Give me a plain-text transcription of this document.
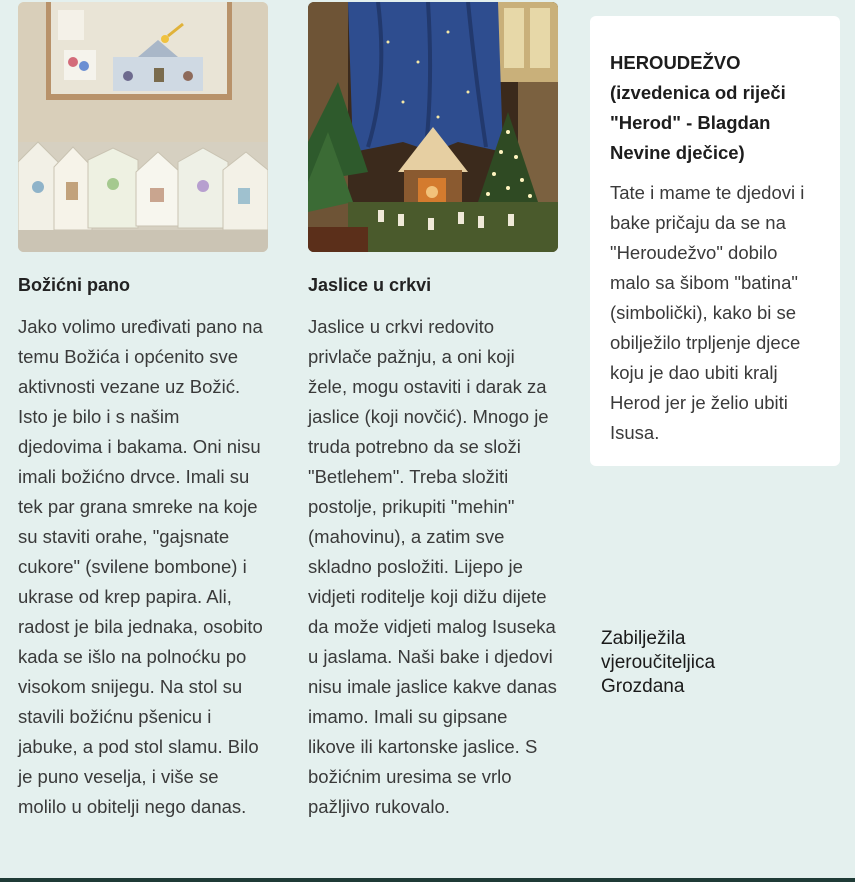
Božićni pano
Jako volimo uređivati pano na temu Božića i općenito sve aktivnosti vezane uz Božić. Isto je bilo i s našim djedovima i bakama. Oni nisu imali božićno drvce. Imali su tek par grana smreke na koje su staviti orahe, "gajsnate cukore" (svilene bombone) i ukrase od krep papira. Ali, radost je bila jednaka, osobito kada se išlo na polnoćku po visokom snijegu. Na stol su stavili božićnu pšenicu i jabuke, a pod stol slamu. Bilo je puno veselja, i više se molilo u obitelji nego danas.
Jaslice u crkvi
Jaslice u crkvi redovito privlače pažnju, a oni koji žele, mogu ostaviti i darak za jaslice (koji novčić). Mnogo je truda potrebno da se složi "Betlehem". Treba složiti postolje, prikupiti "mehin" (mahovinu), a zatim sve skladno posložiti. Lijepo je vidjeti roditelje koji dižu dijete da može vidjeti malog Isuseka u jaslama. Naši bake i djedovi nisu imale jaslice kakve danas imamo. Imali su gipsane likove ili kartonske jaslice. S božićnim uresima se vrlo pažljivo rukovalo.
HEROUDEŽVO (izvedenica od riječi "Herod" - Blagdan Nevine dječice)
Tate i mame te djedovi i bake pričaju da se na "Heroudežvo" dobilo malo sa šibom "batina" (simbolički), kako bi se obilježilo trpljenje djece koju je dao ubiti kralj Herod jer je želio ubiti Isusa.
Zabilježila
vjeroučiteljica
Grozdana
